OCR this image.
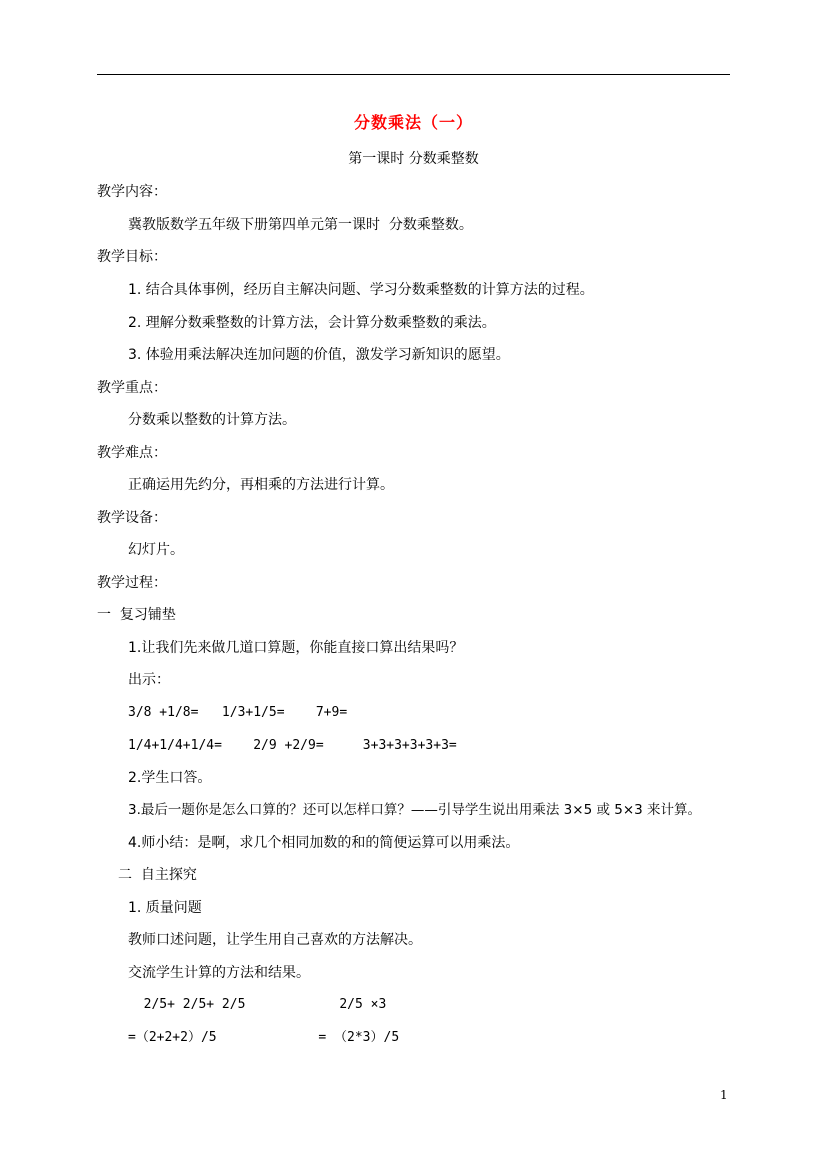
分数乘法（一）
第一课时 分数乘整数
教学内容：
冀教版数学五年级下册第四单元第一课时  分数乘整数。
教学目标：
1. 结合具体事例，经历自主解决问题、学习分数乘整数的计算方法的过程。
2. 理解分数乘整数的计算方法，会计算分数乘整数的乘法。
3. 体验用乘法解决连加问题的价值，激发学习新知识的愿望。
教学重点：
分数乘以整数的计算方法。
教学难点：
正确运用先约分，再相乘的方法进行计算。
教学设备：
幻灯片。
教学过程：
一  复习铺垫
1.让我们先来做几道口算题，你能直接口算出结果吗？
出示：
3/8 +1/8=   1/3+1/5=    7+9=
1/4+1/4+1/4=    2/9 +2/9=     3+3+3+3+3+3=
2.学生口答。
3.最后一题你是怎么口算的？还可以怎样口算？——引导学生说出用乘法 3×5 或 5×3 来计算。
4.师小结：是啊，求几个相同加数的和的简便运算可以用乘法。
二  自主探究
1. 质量问题
教师口述问题，让学生用自己喜欢的方法解决。
交流学生计算的方法和结果。
2/5+ 2/5+ 2/5            2/5 ×3
=（2+2+2）/5             = （2*3）/5
1
